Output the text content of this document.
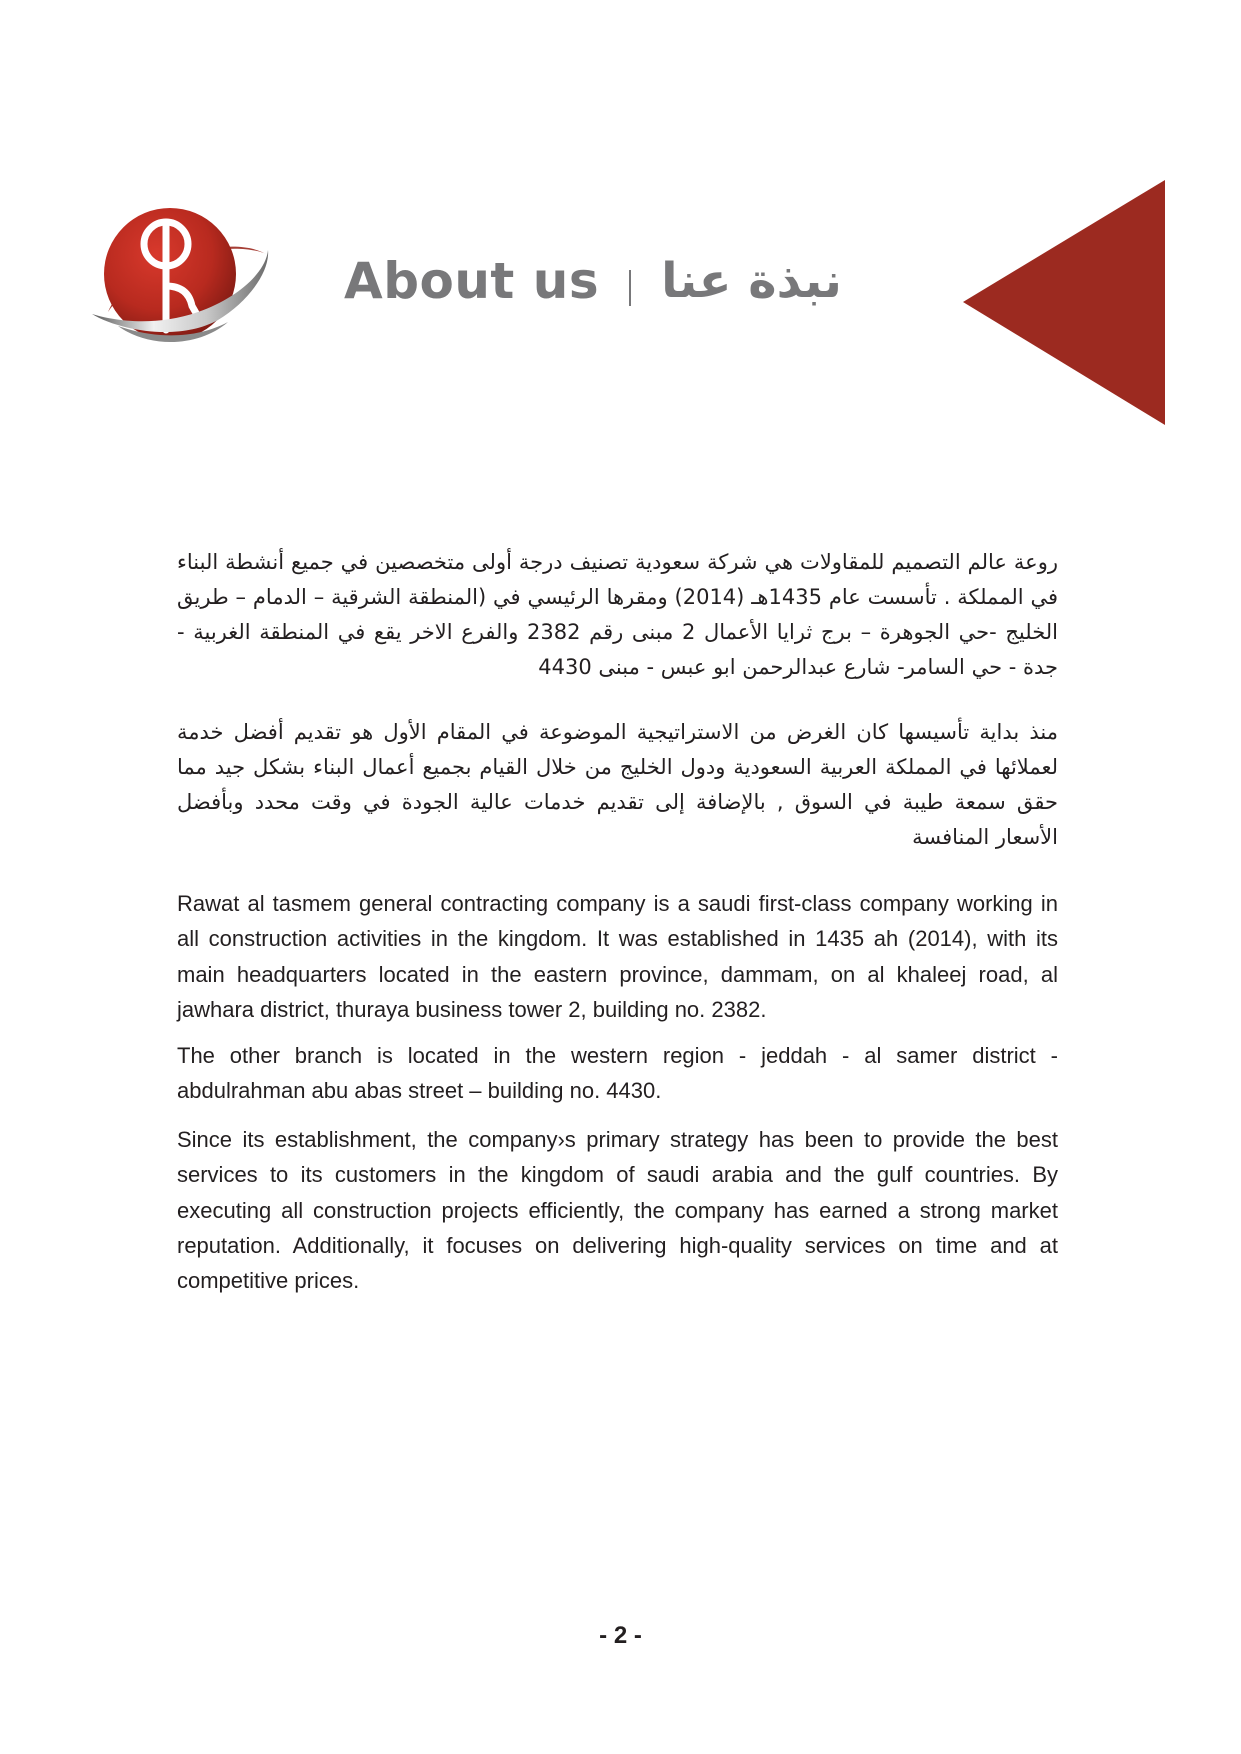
About us نبذة عنا

روعة عالم التصميم للمقاولات هي شركة سعودية تصنيف درجة أولى متخصصين في جميع أنشطة البناء في المملكة . تأسست عام 1435هـ (2014) ومقرها الرئيسي في (المنطقة الشرقية – الدمام – طريق الخليج -حي الجوهرة – برج ثرايا الأعمال 2 مبنى رقم 2382 والفرع الاخر يقع في المنطقة الغربية - جدة - حي السامر- شارع عبدالرحمن ابو عبس - مبنى 4430

منذ بداية تأسيسها كان الغرض من الاستراتيجية الموضوعة في المقام الأول هو تقديم أفضل خدمة لعملائها في المملكة العربية السعودية ودول الخليج من خلال القيام بجميع أعمال البناء بشكل جيد مما حقق سمعة طيبة في السوق , بالإضافة إلى تقديم خدمات عالية الجودة في وقت محدد وبأفضل الأسعار المنافسة

Rawat al tasmem general contracting company is a saudi first-class company working in all construction activities in the kingdom. It was established in 1435 ah (2014), with its main headquarters located in the eastern province, dammam, on al khaleej road, al jawhara district, thuraya business tower 2, building no. 2382.

The other branch is located in the western region - jeddah - al samer district - abdulrahman abu abas street – building no. 4430.

Since its establishment, the company›s primary strategy has been to provide the best services to its customers in the kingdom of saudi arabia and the gulf countries. By executing all construction projects efficiently, the company has earned a strong market reputation. Additionally, it focuses on delivering high-quality services on time and at competitive prices.

- 2 -
